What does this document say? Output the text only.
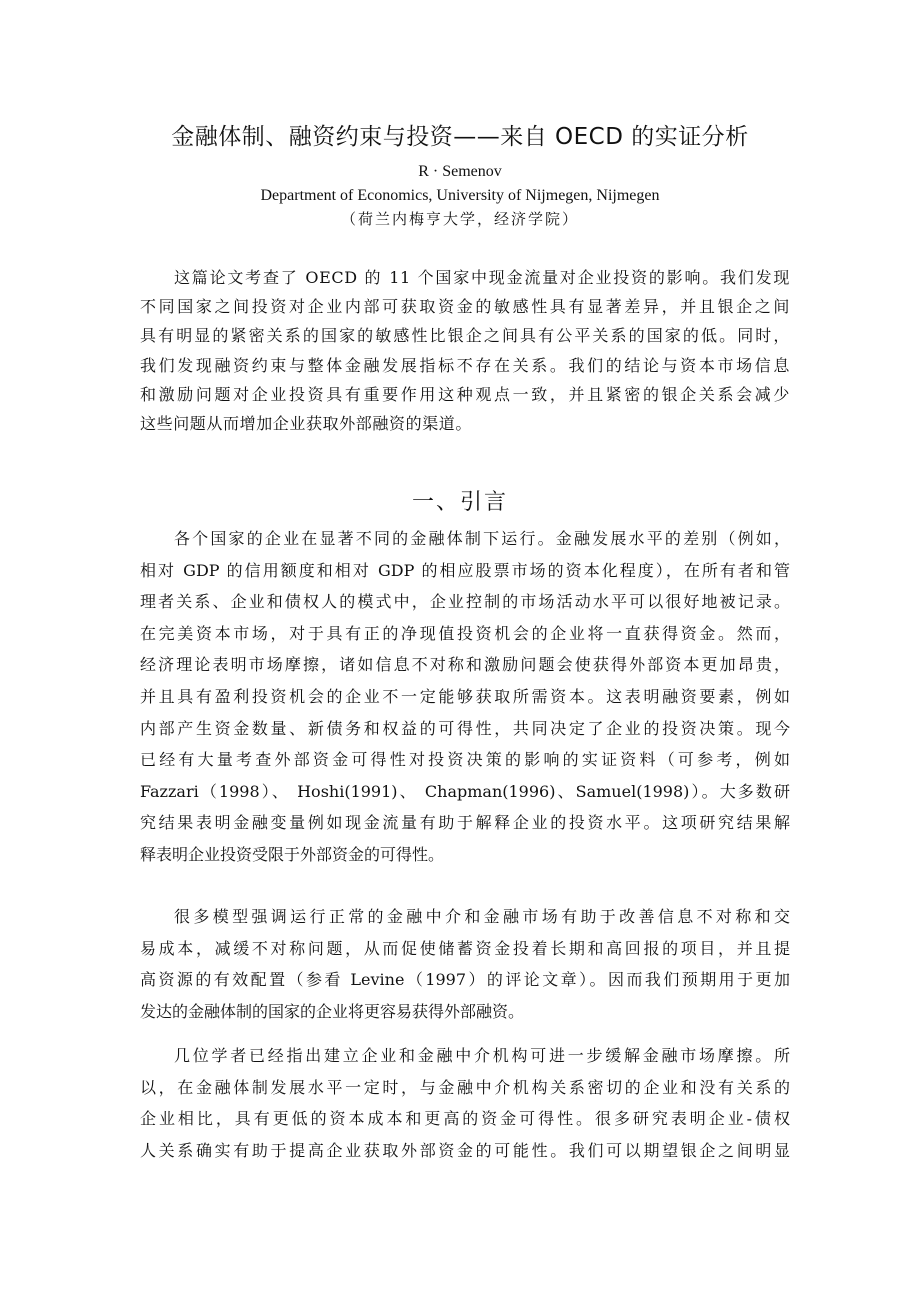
金融体制、融资约束与投资——来自 OECD 的实证分析
R · Semenov
Department of Economics, University of Nijmegen, Nijmegen
（荷兰内梅亨大学，经济学院）
这篇论文考查了 OECD 的 11 个国家中现金流量对企业投资的影响。我们发现
不同国家之间投资对企业内部可获取资金的敏感性具有显著差异，并且银企之间
具有明显的紧密关系的国家的敏感性比银企之间具有公平关系的国家的低。同时，
我们发现融资约束与整体金融发展指标不存在关系。我们的结论与资本市场信息
和激励问题对企业投资具有重要作用这种观点一致，并且紧密的银企关系会减少
这些问题从而增加企业获取外部融资的渠道。
一、引言
各个国家的企业在显著不同的金融体制下运行。金融发展水平的差别（例如，
相对 GDP 的信用额度和相对 GDP 的相应股票市场的资本化程度），在所有者和管
理者关系、企业和债权人的模式中，企业控制的市场活动水平可以很好地被记录。
在完美资本市场，对于具有正的净现值投资机会的企业将一直获得资金。然而，
经济理论表明市场摩擦，诸如信息不对称和激励问题会使获得外部资本更加昂贵，
并且具有盈利投资机会的企业不一定能够获取所需资本。这表明融资要素，例如
内部产生资金数量、新债务和权益的可得性，共同决定了企业的投资决策。现今
已经有大量考查外部资金可得性对投资决策的影响的实证资料（可参考，例如
Fazzari（1998）、 Hoshi(1991)、 Chapman(1996)、Samuel(1998)）。大多数研
究结果表明金融变量例如现金流量有助于解释企业的投资水平。这项研究结果解
释表明企业投资受限于外部资金的可得性。
很多模型强调运行正常的金融中介和金融市场有助于改善信息不对称和交
易成本，减缓不对称问题，从而促使储蓄资金投着长期和高回报的项目，并且提
高资源的有效配置（参看 Levine（1997）的评论文章）。因而我们预期用于更加
发达的金融体制的国家的企业将更容易获得外部融资。
几位学者已经指出建立企业和金融中介机构可进一步缓解金融市场摩擦。所
以，在金融体制发展水平一定时，与金融中介机构关系密切的企业和没有关系的
企业相比，具有更低的资本成本和更高的资金可得性。很多研究表明企业-债权
人关系确实有助于提高企业获取外部资金的可能性。我们可以期望银企之间明显
